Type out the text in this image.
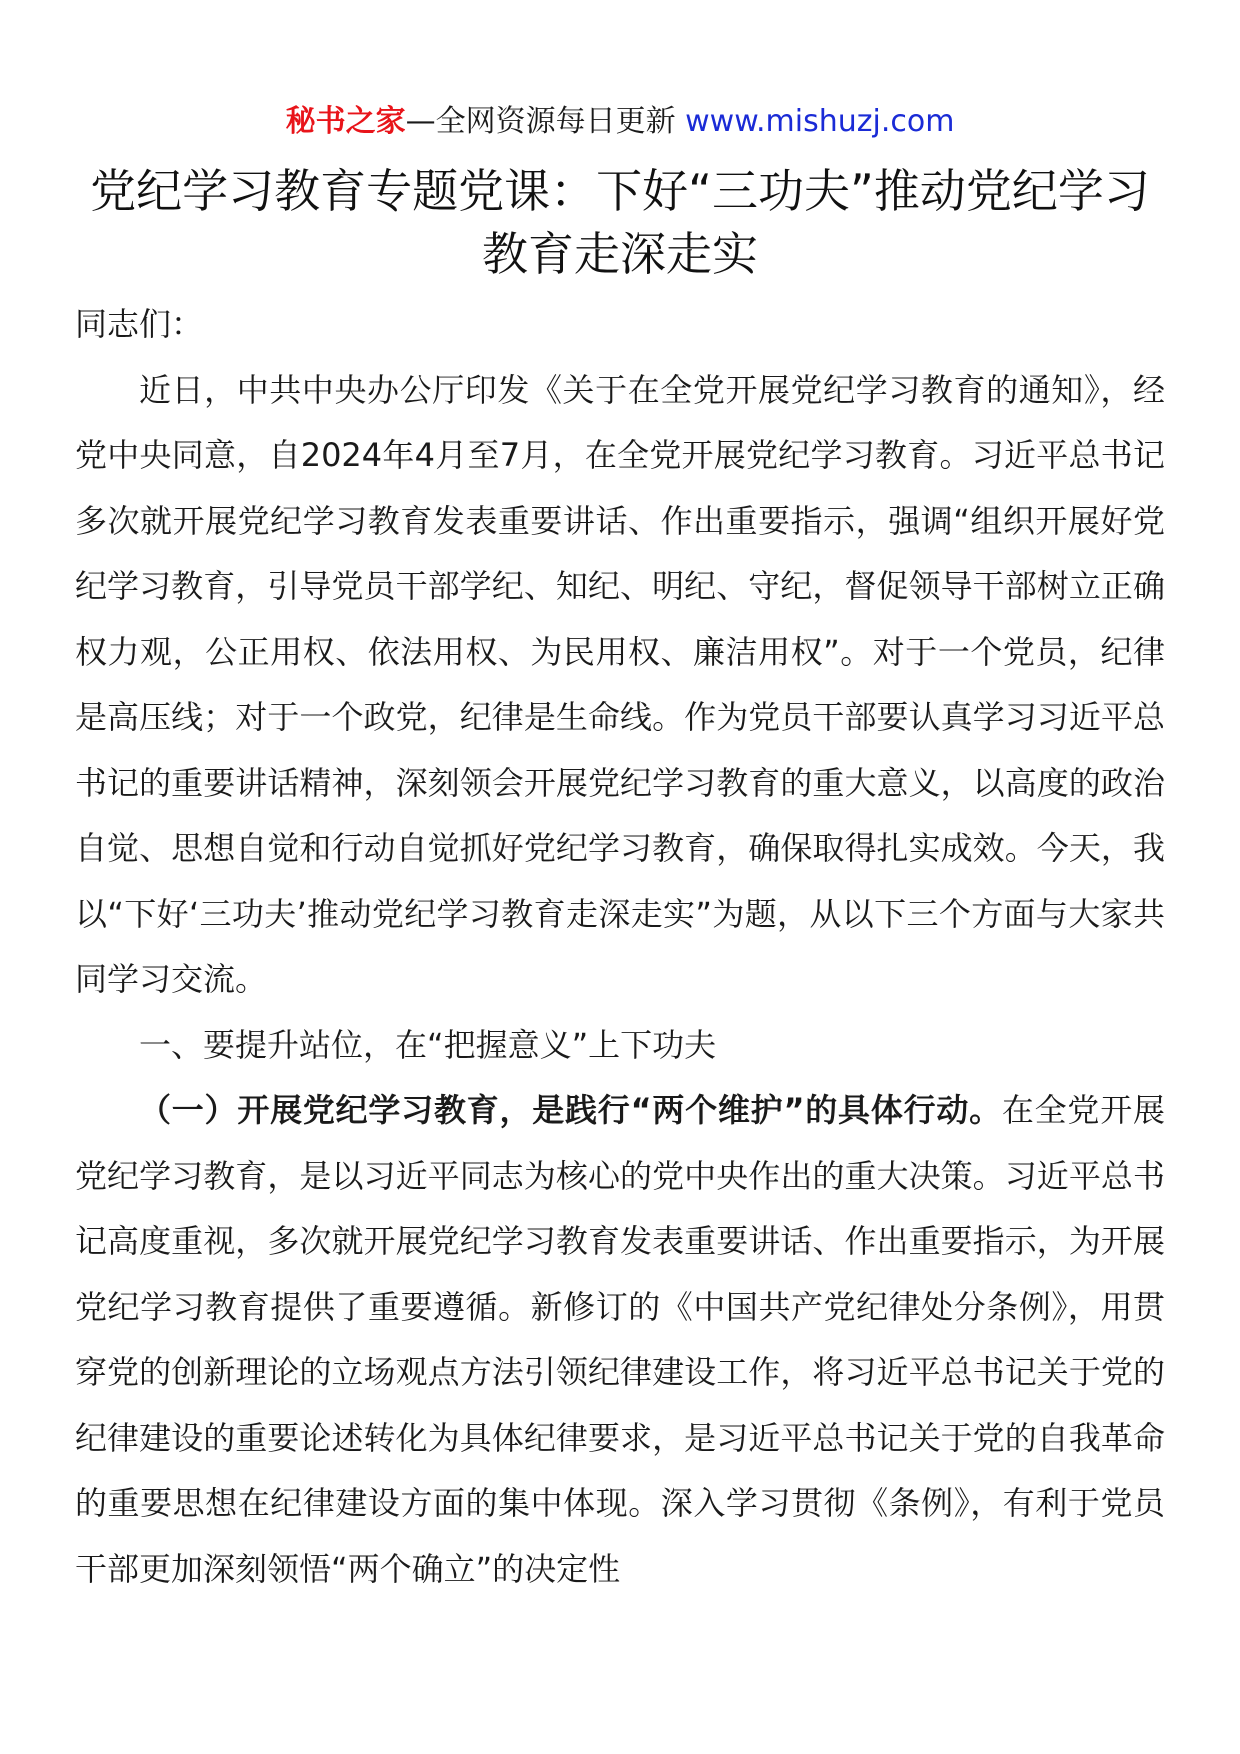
秘书之家—全网资源每日更新 www.mishuzj.com
党纪学习教育专题党课：下好“三功夫”推动党纪学习教育走深走实

同志们：

近日，中共中央办公厅印发《关于在全党开展党纪学习教育的通知》，经党中央同意，自2024年4月至7月，在全党开展党纪学习教育。习近平总书记多次就开展党纪学习教育发表重要讲话、作出重要指示，强调“组织开展好党纪学习教育，引导党员干部学纪、知纪、明纪、守纪，督促领导干部树立正确权力观，公正用权、依法用权、为民用权、廉洁用权”。对于一个党员，纪律是高压线；对于一个政党，纪律是生命线。作为党员干部要认真学习习近平总书记的重要讲话精神，深刻领会开展党纪学习教育的重大意义，以高度的政治自觉、思想自觉和行动自觉抓好党纪学习教育，确保取得扎实成效。今天，我以“下好‘三功夫’推动党纪学习教育走深走实”为题，从以下三个方面与大家共同学习交流。

一、要提升站位，在“把握意义”上下功夫

（一）开展党纪学习教育，是践行“两个维护”的具体行动。在全党开展党纪学习教育，是以习近平同志为核心的党中央作出的重大决策。习近平总书记高度重视，多次就开展党纪学习教育发表重要讲话、作出重要指示，为开展党纪学习教育提供了重要遵循。新修订的《中国共产党纪律处分条例》，用贯穿党的创新理论的立场观点方法引领纪律建设工作，将习近平总书记关于党的纪律建设的重要论述转化为具体纪律要求，是习近平总书记关于党的自我革命的重要思想在纪律建设方面的集中体现。深入学习贯彻《条例》，有利于党员干部更加深刻领悟“两个确立”的决定性
